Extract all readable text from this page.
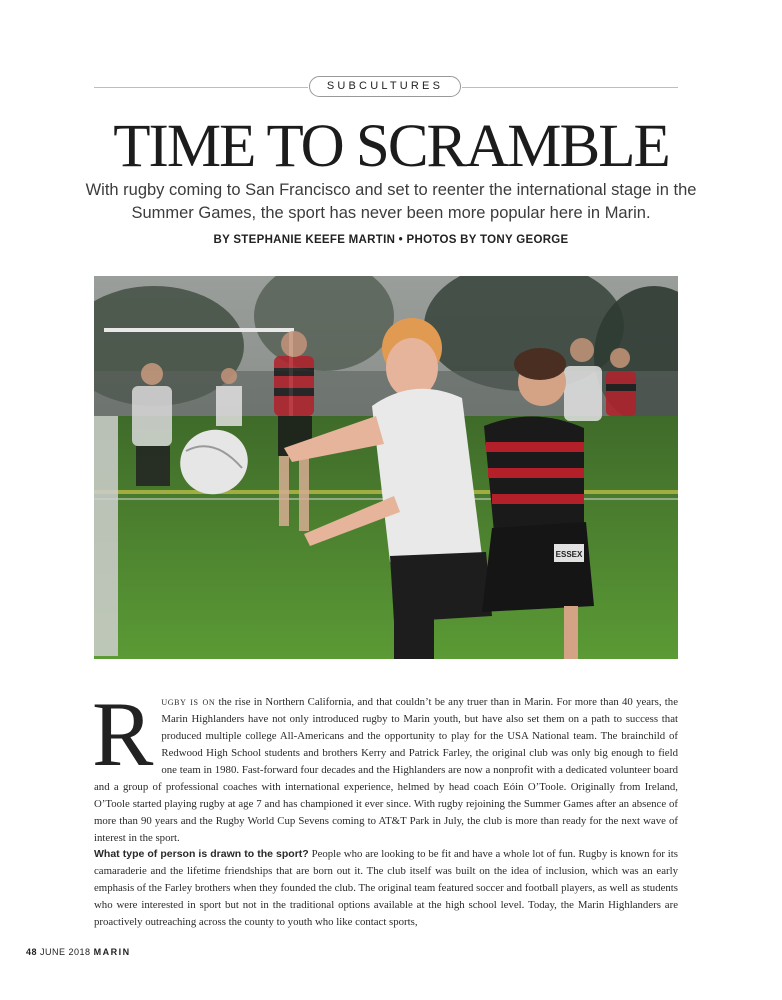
SUBCULTURES
TIME TO SCRAMBLE

With rugby coming to San Francisco and set to reenter the international stage in the Summer Games, the sport has never been more popular here in Marin.

BY STEPHANIE KEEFE MARTIN • PHOTOS BY TONY GEORGE
ESSEX

Rugby is on the rise in Northern California, and that couldn’t be any truer than in Marin. For more than 40 years, the Marin Highlanders have not only introduced rugby to Marin youth, but have also set them on a path to success that produced multiple college All-Americans and the opportunity to play for the USA National team. The brainchild of Redwood High School students and brothers Kerry and Patrick Farley, the original club was only big enough to field one team in 1980. Fast-forward four decades and the Highlanders are now a nonprofit with a dedicated volunteer board and a group of professional coaches with international experience, helmed by head coach Eóin O’Toole. Originally from Ireland, O’Toole started playing rugby at age 7 and has championed it ever since. With rugby rejoining the Summer Games after an absence of more than 90 years and the Rugby World Cup Sevens coming to AT&T Park in July, the club is more than ready for the next wave of interest in the sport.

What type of person is drawn to the sport? People who are looking to be fit and have a whole lot of fun. Rugby is known for its camaraderie and the lifetime friendships that are born out it. The club itself was built on the idea of inclusion, which was an early emphasis of the Farley brothers when they founded the club. The original team featured soccer and football players, as well as students who were interested in sport but not in the traditional options available at the high school level. Today, the Marin Highlanders are proactively outreaching across the county to youth who like contact sports,

48 JUNE 2018 MARIN
